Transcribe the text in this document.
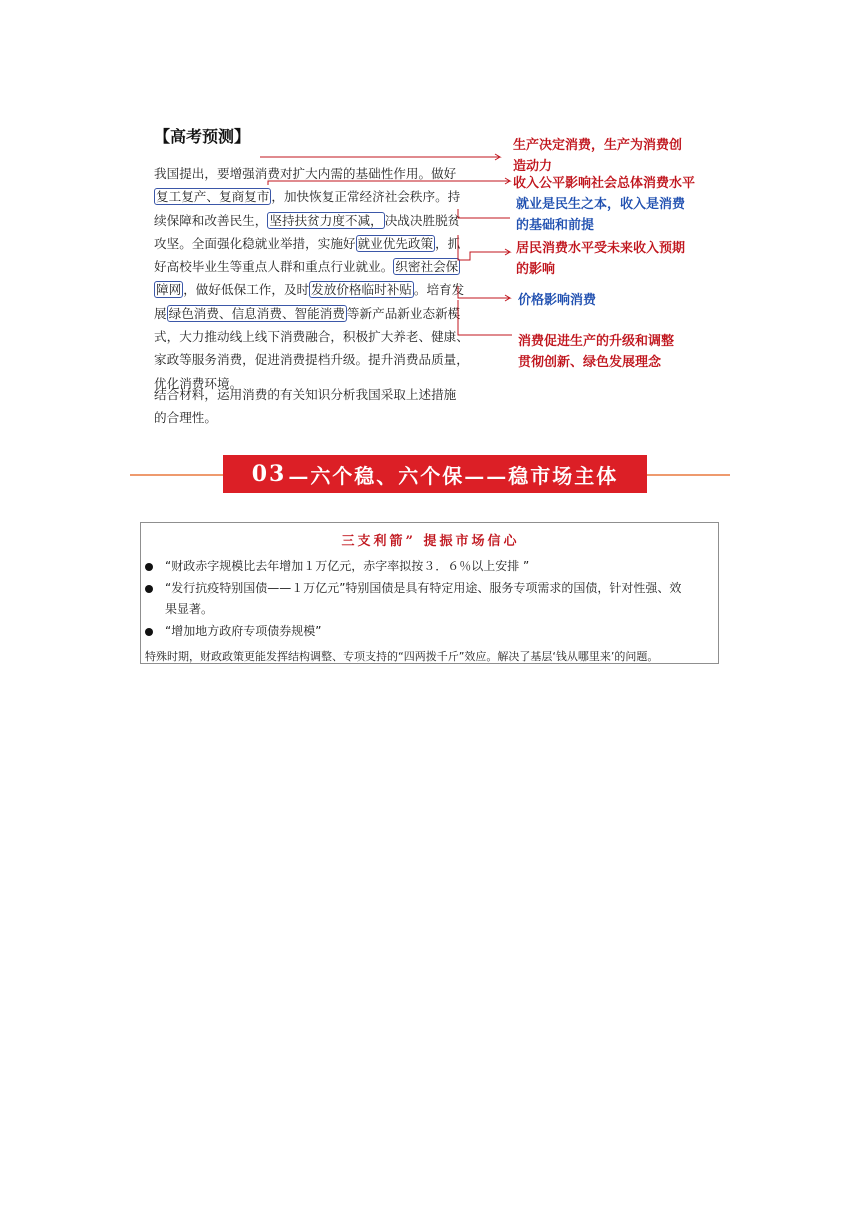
【高考预测】
我国提出，要增强消费对扩大内需的基础性作用。做好
复工复产、复商复市 ，加快恢复正常经济社会秩序。持
续保障和改善民生， 坚持扶贫力度不减， 决战决胜脱贫
攻坚。全面强化稳就业举措，实施好 就业优先政策 ，抓
好高校毕业生等重点人群和重点行业就业。 织密社会保
障网 ，做好低保工作，及时 发放价格临时补贴 。培育发
展 绿色消费、信息消费、智能消费 等新产品新业态新模
式，大力推动线上线下消费融合，积极扩大养老、健康、
家政等服务消费，促进消费提档升级。提升消费品质量，
优化消费环境。
结合材料，运用消费的有关知识分析我国采取上述措施
的合理性。
生产决定消费，生产为消费创
造动力
收入公平影响社会总体消费水平
就业是民生之本，收入是消费
的基础和前提
居民消费水平受未来收入预期
的影响
价格影响消费
消费促进生产的升级和调整
贯彻创新、绿色发展理念
03 —六个稳、六个保——稳市场主体
三支利箭” 提振市场信心
“财政赤字规模比去年增加１万亿元，赤字率拟按３．６％以上安排 ”
“发行抗疫特别国债——１万亿元”特别国债是具有特定用途、服务专项需求的国债，针对性强、效
果显著。
“增加地方政府专项债券规模”
特殊时期，财政政策更能发挥结构调整、专项支持的“四两拨千斤”效应。解决了基层‘钱从哪里来’的问题。
